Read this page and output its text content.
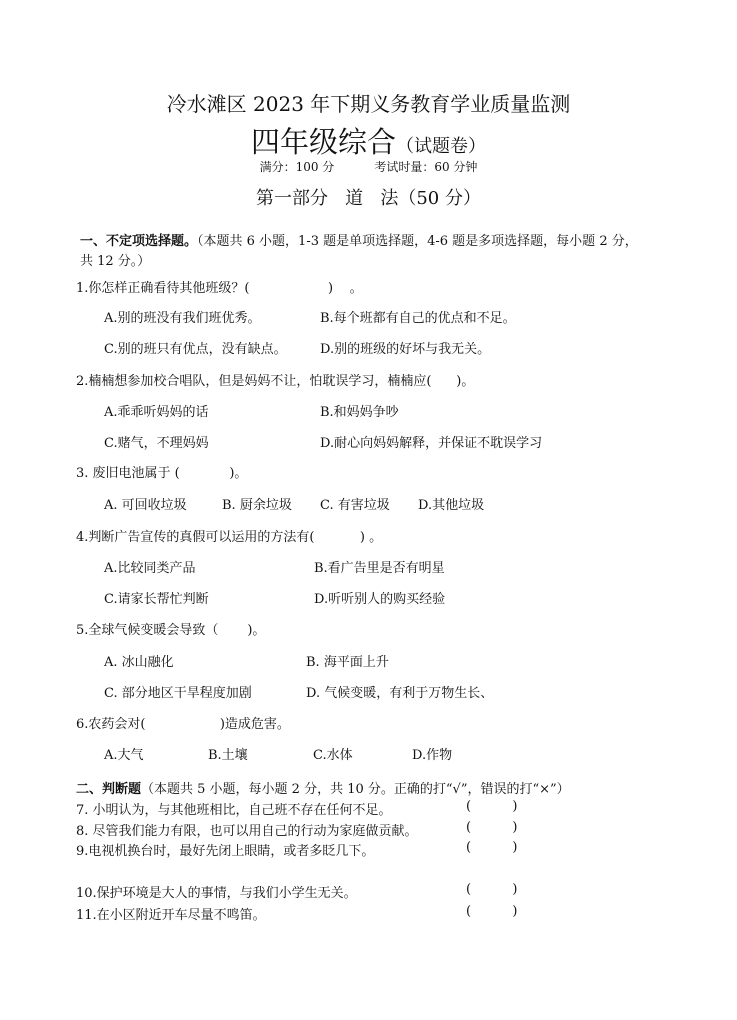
冷水滩区 2023 年下期义务教育学业质量监测
四年级综合（试题卷）
满分：100 分	考试时量：60 分钟
第一部分   道   法（50 分）
一、不定项选择题。（本题共 6 小题，1-3 题是单项选择题，4-6 题是多项选择题，每小题 2 分，
共 12 分。）
1.你怎样正确看待其他班级？(                   )    。
A.别的班没有我们班优秀。	B.每个班都有自己的优点和不足。
C.别的班只有优点，没有缺点。	D.别的班级的好坏与我无关。
2.楠楠想参加校合唱队，但是妈妈不让，怕耽误学习，楠楠应(      )。
A.乖乖听妈妈的话	B.和妈妈争吵
C.赌气，不理妈妈	D.耐心向妈妈解释，并保证不耽误学习
3. 废旧电池属于 (            )。
A. 可回收垃圾	B. 厨余垃圾 C. 有害垃圾 D.其他垃圾
4.判断广告宣传的真假可以运用的方法有(           ) 。
A.比较同类产品	B.看广告里是否有明星
C.请家长帮忙判断	D.听听别人的购买经验
5.全球气候变暖会导致（       )。
A. 冰山融化	B. 海平面上升
C. 部分地区干旱程度加剧	D. 气候变暖，有利于万物生长、
6.农药会对(                  )造成危害。
A.大气	B.土壤	C.水体	D.作物
二、判断题（本题共 5 小题，每小题 2 分，共 10 分。正确的打“√”，错误的打“×”）
7. 小明认为，与其他班相比，自己班不存在任何不足。	(          )
8. 尽管我们能力有限，也可以用自己的行动为家庭做贡献。	(          )
9.电视机换台时，最好先闭上眼睛，或者多眨几下。	(          )
10.保护环境是大人的事情，与我们小学生无关。	(          )
11.在小区附近开车尽量不鸣笛。	(          )
